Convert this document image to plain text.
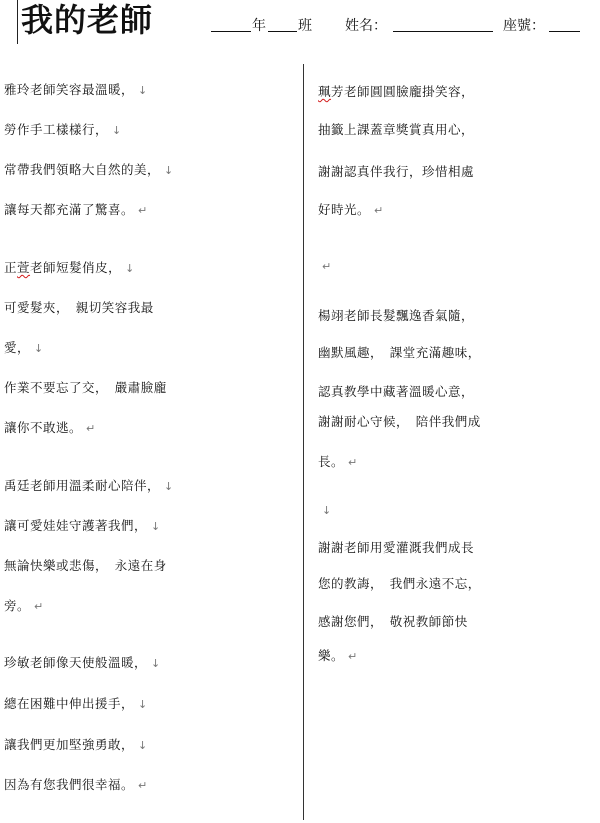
我的老師	年 班 姓名：	座號：
雅玲老師笑容最溫暖， ↓
勞作手工樣樣行， ↓
常帶我們領略大自然的美， ↓
讓每天都充滿了驚喜。 ↵
正萱老師短髮俏皮， ↓
可愛髮夾，　親切笑容我最
愛， ↓
作業不要忘了交，　嚴肅臉龐
讓你不敢逃。 ↵
禹廷老師用溫柔耐心陪伴， ↓
讓可愛娃娃守護著我們， ↓
無論快樂或悲傷，　永遠在身
旁。 ↵
珍敏老師像天使般溫暖， ↓
總在困難中伸出援手， ↓
讓我們更加堅強勇敢， ↓
因為有您我們很幸福。 ↵
珮芳老師圓圓臉龐掛笑容，
抽籤上課蓋章獎賞真用心，
謝謝認真伴我行，珍惜相處
好時光。 ↵
↵
楊翊老師長髮飄逸香氣隨，
幽默風趣，　課堂充滿趣味，
認真教學中藏著溫暖心意，
謝謝耐心守候，　陪伴我們成
長。 ↵
↓
謝謝老師用愛灌溉我們成長
您的教誨，　我們永遠不忘，
感謝您們，　敬祝教師節快
樂。 ↵
